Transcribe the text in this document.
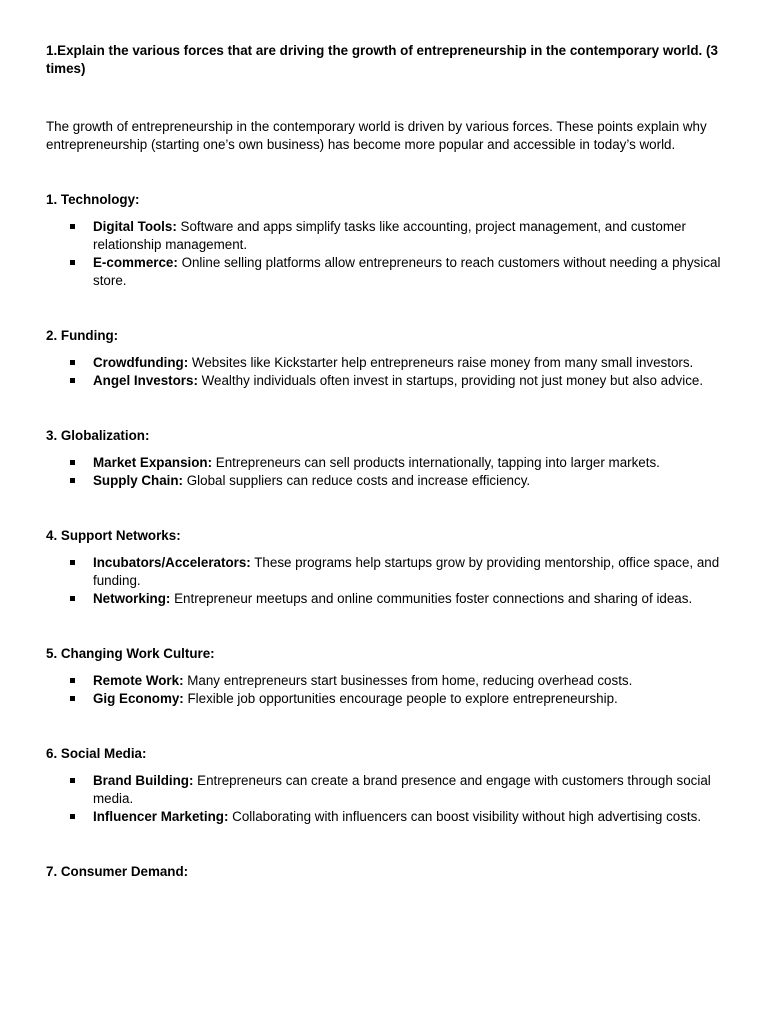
1.Explain the various forces that are driving the growth of entrepreneurship in the contemporary world. (3 times)

The growth of entrepreneurship in the contemporary world is driven by various forces. These points explain why entrepreneurship (starting one’s own business) has become more popular and accessible in today’s world.

1. Technology:

Digital Tools: Software and apps simplify tasks like accounting, project management, and customer relationship management.
E-commerce: Online selling platforms allow entrepreneurs to reach customers without needing a physical store.

2. Funding:

Crowdfunding: Websites like Kickstarter help entrepreneurs raise money from many small investors.
Angel Investors: Wealthy individuals often invest in startups, providing not just money but also advice.

3. Globalization:

Market Expansion: Entrepreneurs can sell products internationally, tapping into larger markets.
Supply Chain: Global suppliers can reduce costs and increase efficiency.

4. Support Networks:

Incubators/Accelerators: These programs help startups grow by providing mentorship, office space, and funding.
Networking: Entrepreneur meetups and online communities foster connections and sharing of ideas.

5. Changing Work Culture:

Remote Work: Many entrepreneurs start businesses from home, reducing overhead costs.
Gig Economy: Flexible job opportunities encourage people to explore entrepreneurship.

6. Social Media:

Brand Building: Entrepreneurs can create a brand presence and engage with customers through social media.
Influencer Marketing: Collaborating with influencers can boost visibility without high advertising costs.

7. Consumer Demand:
